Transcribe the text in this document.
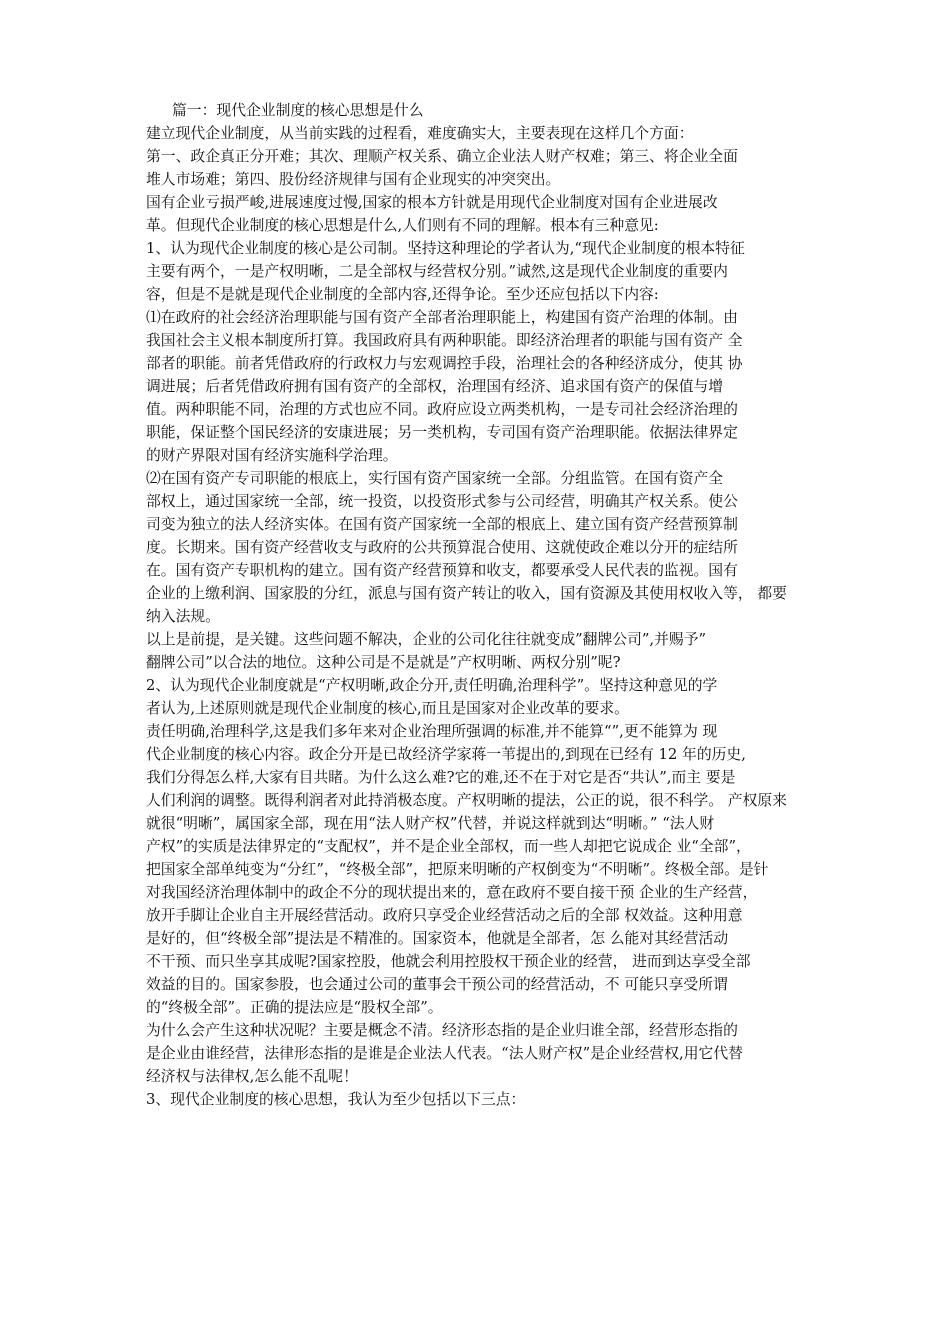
篇一：现代企业制度的核心思想是什么
建立现代企业制度，从当前实践的过程看，难度确实大，主要表现在这样几个方面：
第一、政企真正分开难；其次、理顺产权关系、确立企业法人财产权难；第三、将企业全面
堆人市场难；第四、股份经济规律与国有企业现实的冲突突出。
国有企业亏损严峻,进展速度过慢,国家的根本方针就是用现代企业制度对国有企业进展改
革。但现代企业制度的核心思想是什么,人们则有不同的理解。根本有三种意见:
1、认为现代企业制度的核心是公司制。坚持这种理论的学者认为,“现代企业制度的根本特征
主要有两个，一是产权明晰，二是全部权与经营权分别。”诚然,这是现代企业制度的重要内
容，但是不是就是现代企业制度的全部内容,还得争论。至少还应包括以下内容:
⑴在政府的社会经济治理职能与国有资产全部者治理职能上，构建国有资产治理的体制。由
我国社会主义根本制度所打算。我国政府具有两种职能。即经济治理者的职能与国有资产 全
部者的职能。前者凭借政府的行政权力与宏观调控手段，治理社会的各种经济成分，使其 协
调进展；后者凭借政府拥有国有资产的全部权，治理国有经济、追求国有资产的保值与增
值。两种职能不同，治理的方式也应不同。政府应设立两类机构，一是专司社会经济治理的
职能，保证整个国民经济的安康进展；另一类机构，专司国有资产治理职能。依据法律界定
的财产界限对国有经济实施科学治理。
⑵在国有资产专司职能的根底上，实行国有资产国家统一全部。分组监管。在国有资产全
部权上，通过国家统一全部，统一投资，以投资形式参与公司经营，明确其产权关系。使公
司变为独立的法人经济实体。在国有资产国家统一全部的根底上、建立国有资产经营预算制
度。长期来。国有资产经营收支与政府的公共预算混合使用、这就使政企难以分开的症结所
在。国有资产专职机构的建立。国有资产经营预算和收支，都要承受人民代表的监视。国有
企业的上缴利润、国家股的分红，派息与国有资产转让的收入，国有资源及其使用权收入等， 都要
纳入法规。
以上是前提，是关键。这些问题不解决，企业的公司化往往就变成”翻牌公司”,并赐予”
翻牌公司”以合法的地位。这种公司是不是就是”产权明晰、两权分别”呢?
2、认为现代企业制度就是“产权明晰,政企分开,责任明确,治理科学”。坚持这种意见的学
者认为,上述原则就是现代企业制度的核心,而且是国家对企业改革的要求。
责任明确,治理科学,这是我们多年来对企业治理所强调的标准,并不能算“”,更不能算为 现
代企业制度的核心内容。政企分开是已故经济学家蒋一苇提出的,到现在已经有 12 年的历史,
我们分得怎么样,大家有目共睹。为什么这么难?它的难,还不在于对它是否“共认”,而主 要是
人们利润的调整。既得利润者对此持消极态度。产权明晰的提法，公正的说，很不科学。 产权原来
就很“明晰”，属国家全部，现在用“法人财产权”代替，并说这样就到达“明晰。” “法人财
产权”的实质是法律界定的“支配权”，并不是企业全部权，而一些人却把它说成企 业“全部”，
把国家全部单纯变为“分红”，“终极全部”，把原来明晰的产权倒变为“不明晰”。终极全部。是针
对我国经济治理体制中的政企不分的现状提出来的，意在政府不要自接干预 企业的生产经营，
放开手脚让企业自主开展经营活动。政府只享受企业经营活动之后的全部 权效益。这种用意
是好的，但“终极全部”提法是不精准的。国家资本，他就是全部者，怎 么能对其经营活动
不干预、而只坐享其成呢?国家控股，他就会利用控股权干预企业的经营， 进而到达享受全部
效益的目的。国家参股，也会通过公司的董事会干预公司的经营活动，不 可能只享受所谓
的“终极全部”。正确的提法应是“股权全部”。
为什么会产生这种状况呢？主要是概念不清。经济形态指的是企业归谁全部，经营形态指的
是企业由谁经营，法律形态指的是谁是企业法人代表。“法人财产权”是企业经营权,用它代替
经济权与法律权,怎么能不乱呢！
3、现代企业制度的核心思想，我认为至少包括以下三点：
